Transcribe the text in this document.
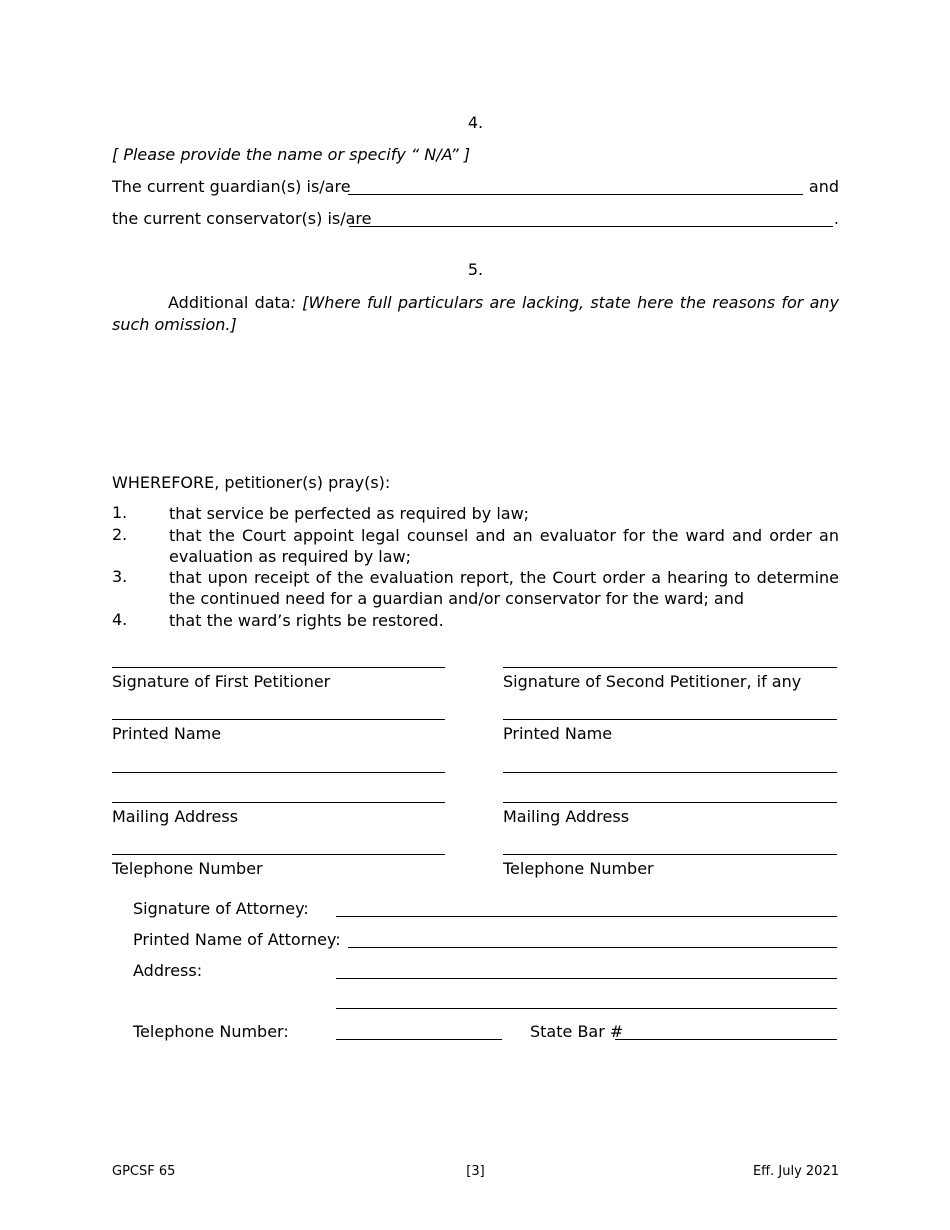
4.
[ Please provide the name or specify “ N/A” ]
The current guardian(s) is/are	and
the current conservator(s) is/are	.
5.
Additional data: [Where full particulars are lacking, state here the reasons for any such omission.]
WHEREFORE, petitioner(s) pray(s):
1.	that service be perfected as required by law;
2.	that the Court appoint legal counsel and an evaluator for the ward and order an evaluation as required by law;
3.	that upon receipt of the evaluation report, the Court order a hearing to determine the continued need for a guardian and/or conservator for the ward; and
4.	that the ward’s rights be restored.
Signature of First Petitioner
Printed Name
Mailing Address
Telephone Number
Signature of Second Petitioner, if any
Printed Name
Mailing Address
Telephone Number
Signature of Attorney:
Printed Name of Attorney:
Address:
Telephone Number:	State Bar #
GPCSF 65	[3]	Eff. July 2021
